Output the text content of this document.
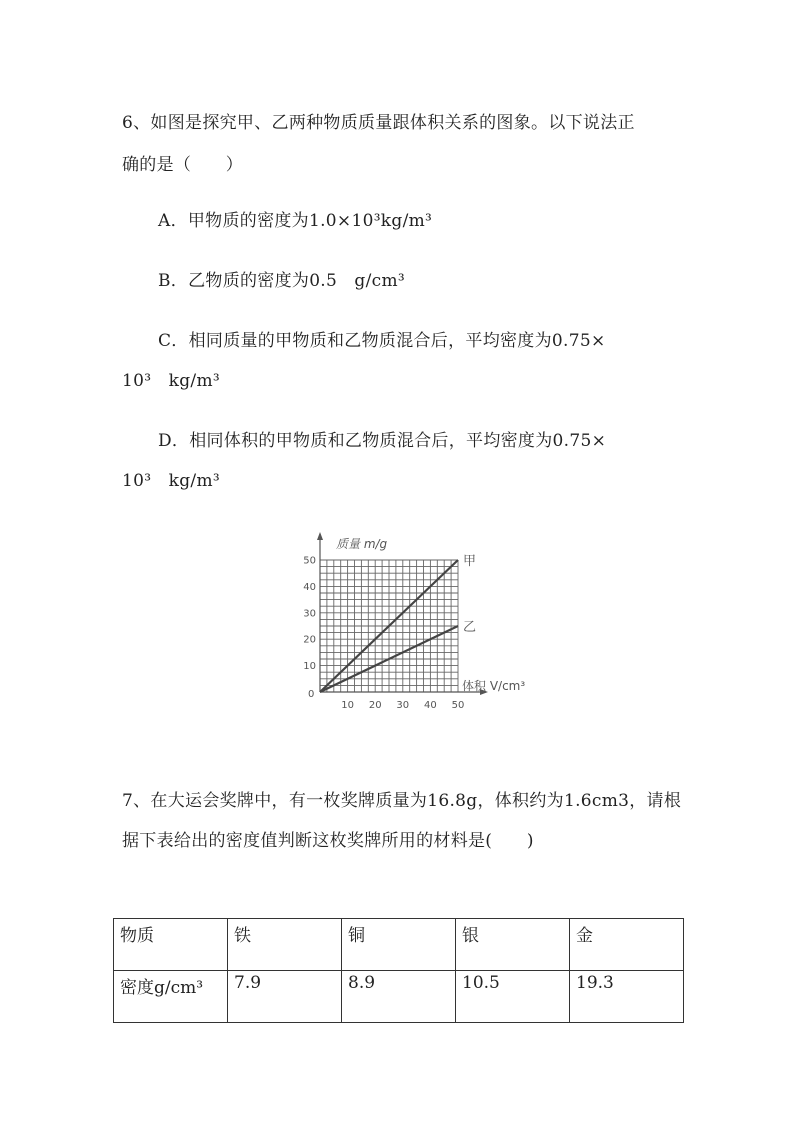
6、如图是探究甲、乙两种物质质量跟体积关系的图象。以下说法正
确的是（　　）
A．甲物质的密度为1.0×10³kg/m³
B．乙物质的密度为0.5　g/cm³
C．相同质量的甲物质和乙物质混合后，平均密度为0.75×
10³　kg/m³
D．相同体积的甲物质和乙物质混合后，平均密度为0.75×
10³　kg/m³
10 20 30 40 50
10
20
30
40
50	甲
乙
质量 m/g
体积 V/cm³
0
7、在大运会奖牌中，有一枚奖牌质量为16.8g，体积约为1.6cm3，请根
据下表给出的密度值判断这枚奖牌所用的材料是(　　)
物质	铁	铜	银	金
密度g/cm³	7.9	8.9	10.5	19.3
